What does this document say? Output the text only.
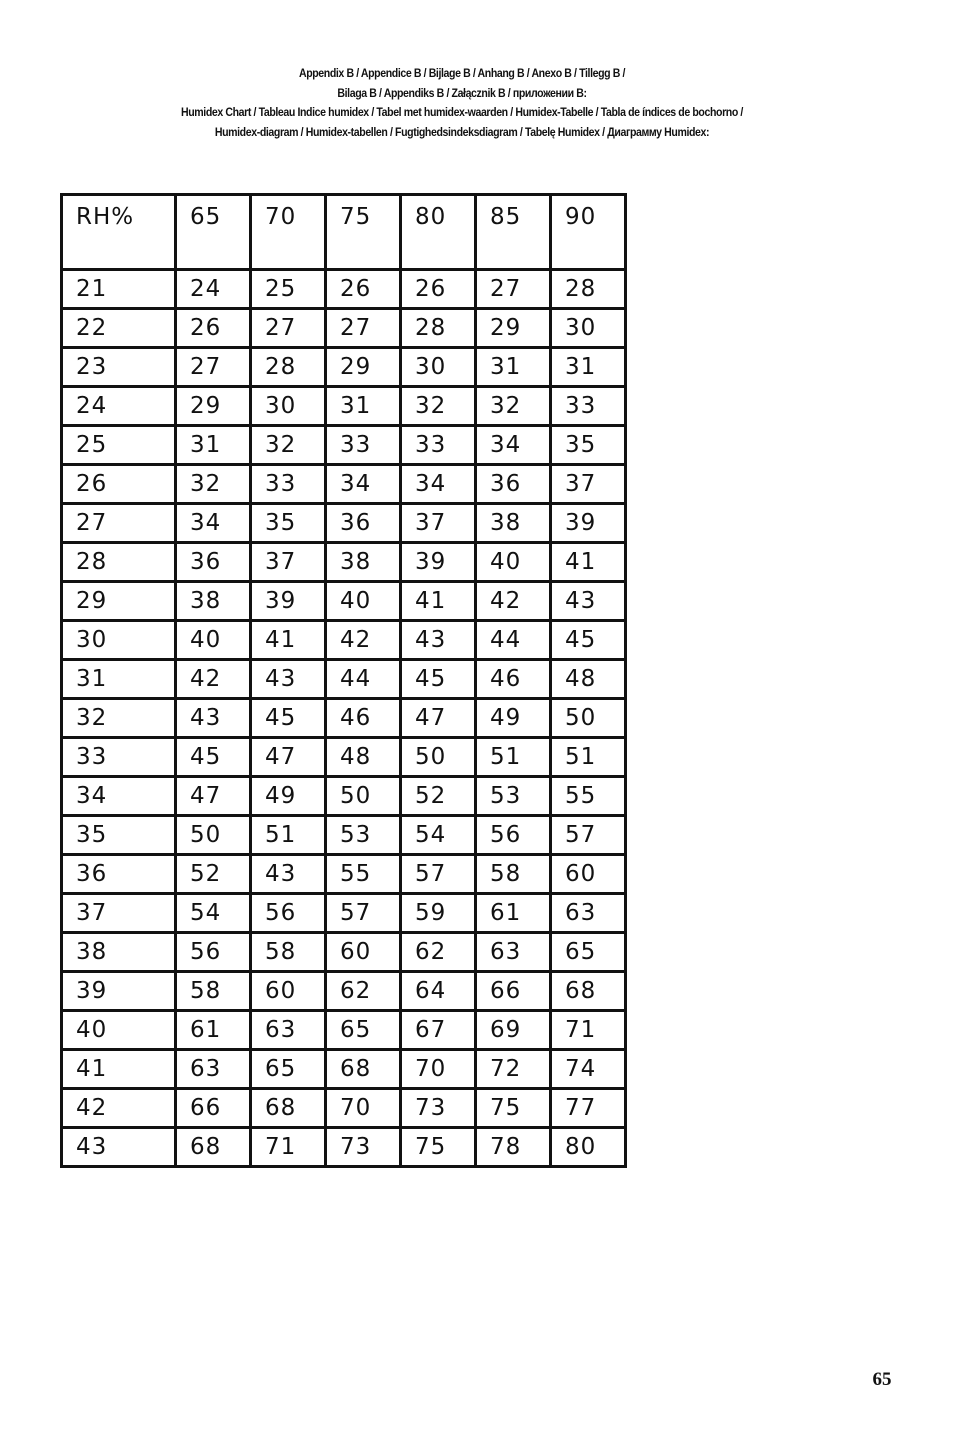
Appendix B / Appendice B / Bijlage B / Anhang B / Anexo B / Tillegg B /
Bilaga B / Appendiks B / Załącznik B / приложении B:
Humidex Chart / Tableau Indice humidex / Tabel met humidex-waarden / Humidex-Tabelle / Tabla de índices de bochorno /
Humidex-diagram / Humidex-tabellen / Fugtighedsindeksdiagram / Tabelę Humidex / Диаграмму Humidex:
RH%	65	70	75	80	85	90
21	24	25	26	26	27	28
22	26	27	27	28	29	30
23	27	28	29	30	31	31
24	29	30	31	32	32	33
25	31	32	33	33	34	35
26	32	33	34	34	36	37
27	34	35	36	37	38	39
28	36	37	38	39	40	41
29	38	39	40	41	42	43
30	40	41	42	43	44	45
31	42	43	44	45	46	48
32	43	45	46	47	49	50
33	45	47	48	50	51	51
34	47	49	50	52	53	55
35	50	51	53	54	56	57
36	52	43	55	57	58	60
37	54	56	57	59	61	63
38	56	58	60	62	63	65
39	58	60	62	64	66	68
40	61	63	65	67	69	71
41	63	65	68	70	72	74
42	66	68	70	73	75	77
43	68	71	73	75	78	80
65
